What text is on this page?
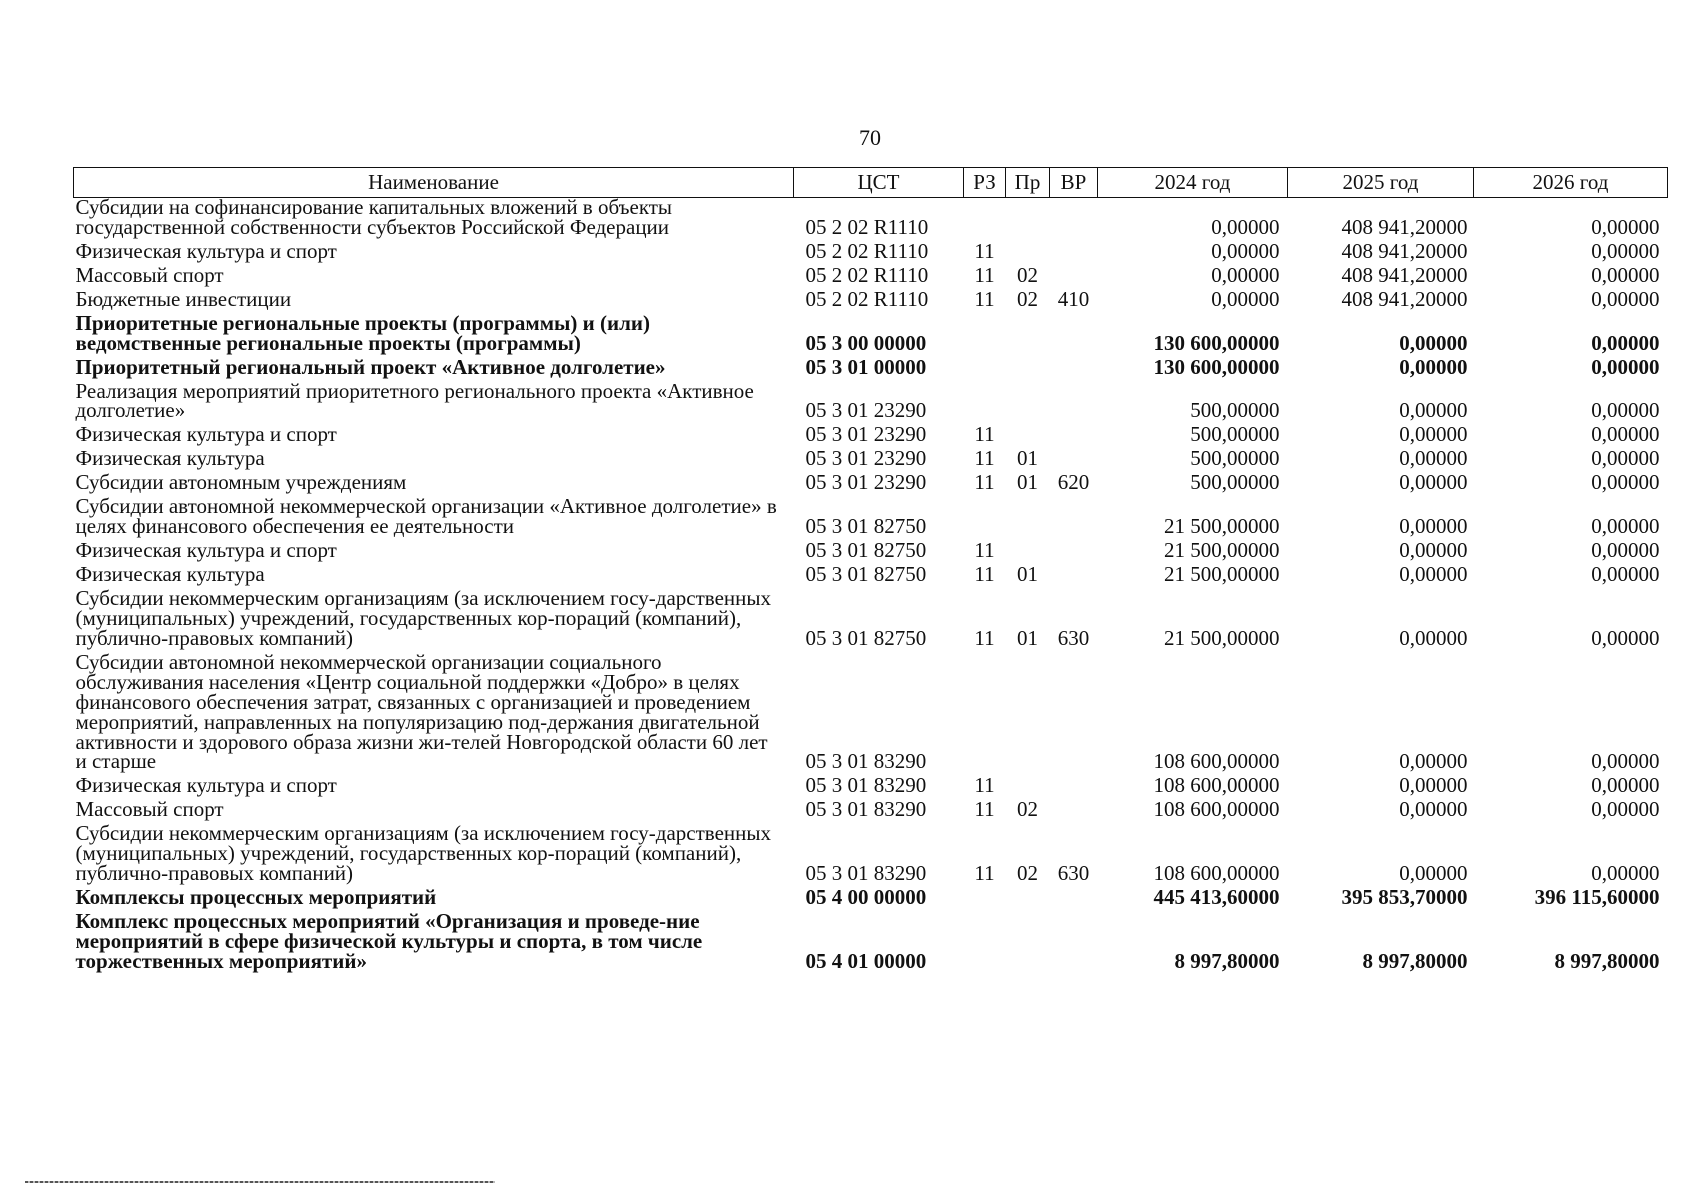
70
Наименование	ЦСТ	РЗ	Пр	ВР	2024 год	2025 год	2026 год
Субсидии на софинансирование капитальных вложений в объекты государственной собственности субъектов Российской Федерации	05 2 02 R1110				0,00000	408 941,20000	0,00000
Физическая культура и спорт	05 2 02 R1110	11			0,00000	408 941,20000	0,00000
Массовый спорт	05 2 02 R1110	11	02		0,00000	408 941,20000	0,00000
Бюджетные инвестиции	05 2 02 R1110	11	02	410	0,00000	408 941,20000	0,00000
Приоритетные региональные проекты (программы) и (или) ведомственные региональные проекты (программы)	05 3 00 00000				130 600,00000	0,00000	0,00000
Приоритетный региональный проект «Активное долголетие»	05 3 01 00000				130 600,00000	0,00000	0,00000
Реализация мероприятий приоритетного регионального проекта «Активное долголетие»	05 3 01 23290				500,00000	0,00000	0,00000
Физическая культура и спорт	05 3 01 23290	11			500,00000	0,00000	0,00000
Физическая культура	05 3 01 23290	11	01		500,00000	0,00000	0,00000
Субсидии автономным учреждениям	05 3 01 23290	11	01	620	500,00000	0,00000	0,00000
Субсидии автономной некоммерческой организации «Активное долголетие» в целях финансового обеспечения ее деятельности	05 3 01 82750				21 500,00000	0,00000	0,00000
Физическая культура и спорт	05 3 01 82750	11			21 500,00000	0,00000	0,00000
Физическая культура	05 3 01 82750	11	01		21 500,00000	0,00000	0,00000
Субсидии некоммерческим организациям (за исключением госу-дарственных (муниципальных) учреждений, государственных кор-пораций (компаний), публично-правовых компаний)	05 3 01 82750	11	01	630	21 500,00000	0,00000	0,00000
Субсидии автономной некоммерческой организации социального обслуживания населения «Центр социальной поддержки «Добро» в целях финансового обеспечения затрат, связанных с организацией и проведением мероприятий, направленных на популяризацию под-держания двигательной активности и здорового образа жизни жи-телей Новгородской области 60 лет и старше	05 3 01 83290				108 600,00000	0,00000	0,00000
Физическая культура и спорт	05 3 01 83290	11			108 600,00000	0,00000	0,00000
Массовый спорт	05 3 01 83290	11	02		108 600,00000	0,00000	0,00000
Субсидии некоммерческим организациям (за исключением госу-дарственных (муниципальных) учреждений, государственных кор-пораций (компаний), публично-правовых компаний)	05 3 01 83290	11	02	630	108 600,00000	0,00000	0,00000
Комплексы процессных мероприятий	05 4 00 00000				445 413,60000	395 853,70000	396 115,60000
Комплекс процессных мероприятий «Организация и проведе-ние мероприятий в сфере физической культуры и спорта, в том числе торжественных мероприятий»	05 4 01 00000				8 997,80000	8 997,80000	8 997,80000
